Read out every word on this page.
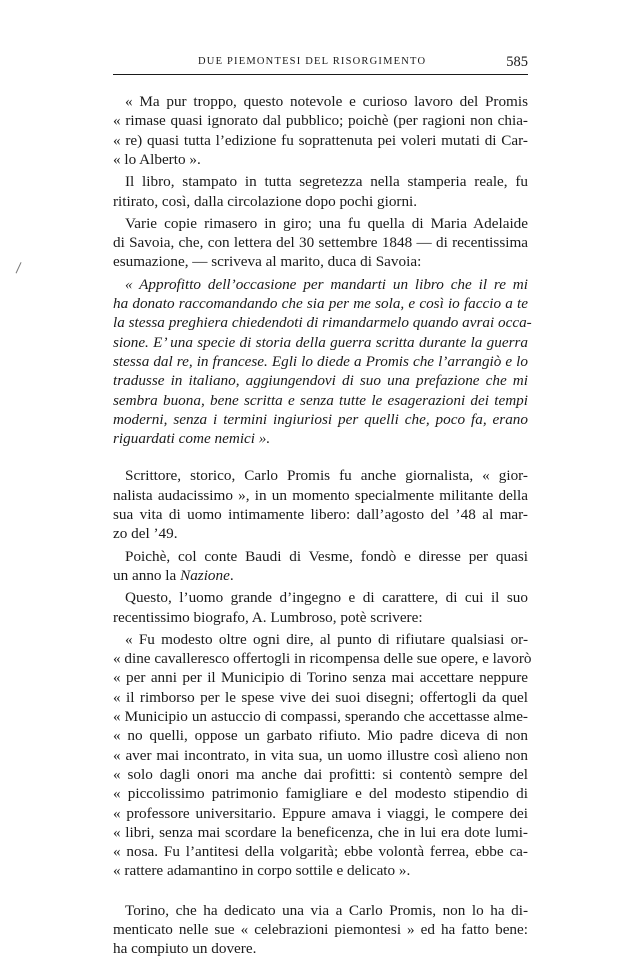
DUE PIEMONTESI DEL RISORGIMENTO	585
« Ma pur troppo, questo notevole e curioso lavoro del Promis
« rimase quasi ignorato dal pubblico; poichè (per ragioni non chia-
« re) quasi tutta l’edizione fu soprattenuta pei voleri mutati di Car-
« lo Alberto ».
Il libro, stampato in tutta segretezza nella stamperia reale, fu
ritirato, così, dalla circolazione dopo pochi giorni.
Varie copie rimasero in giro; una fu quella di Maria Adelaide
di Savoia, che, con lettera del 30 settembre 1848 — di recentissima
esumazione, — scriveva al marito, duca di Savoia:
« Approfitto dell’occasione per mandarti un libro che il re mi
ha donato raccomandando che sia per me sola, e così io faccio a te
la stessa preghiera chiedendoti di rimandarmelo quando avrai occa-
sione. E’ una specie di storia della guerra scritta durante la guerra
stessa dal re, in francese. Egli lo diede a Promis che l’arrangiò e lo
tradusse in italiano, aggiungendovi di suo una prefazione che mi
sembra buona, bene scritta e senza tutte le esagerazioni dei tempi
moderni, senza i termini ingiuriosi per quelli che, poco fa, erano
riguardati come nemici ».
Scrittore, storico, Carlo Promis fu anche giornalista, « gior-
nalista audacissimo », in un momento specialmente militante della
sua vita di uomo intimamente libero: dall’agosto del ’48 al mar-
zo del ’49.
Poichè, col conte Baudi di Vesme, fondò e diresse per quasi
un anno la Nazione.
Questo, l’uomo grande d’ingegno e di carattere, di cui il suo
recentissimo biografo, A. Lumbroso, potè scrivere:
« Fu modesto oltre ogni dire, al punto di rifiutare qualsiasi or-
« dine cavalleresco offertogli in ricompensa delle sue opere, e lavorò
« per anni per il Municipio di Torino senza mai accettare neppure
« il rimborso per le spese vive dei suoi disegni; offertogli da quel
« Municipio un astuccio di compassi, sperando che accettasse alme-
« no quelli, oppose un garbato rifiuto. Mio padre diceva di non
« aver mai incontrato, in vita sua, un uomo illustre così alieno non
« solo dagli onori ma anche dai profitti: si contentò sempre del
« piccolissimo patrimonio famigliare e del modesto stipendio di
« professore universitario. Eppure amava i viaggi, le compere dei
« libri, senza mai scordare la beneficenza, che in lui era dote lumi-
« nosa. Fu l’antitesi della volgarità; ebbe volontà ferrea, ebbe ca-
« rattere adamantino in corpo sottile e delicato ».
Torino, che ha dedicato una via a Carlo Promis, non lo ha di-
menticato nelle sue « celebrazioni piemontesi » ed ha fatto bene:
ha compiuto un dovere.
